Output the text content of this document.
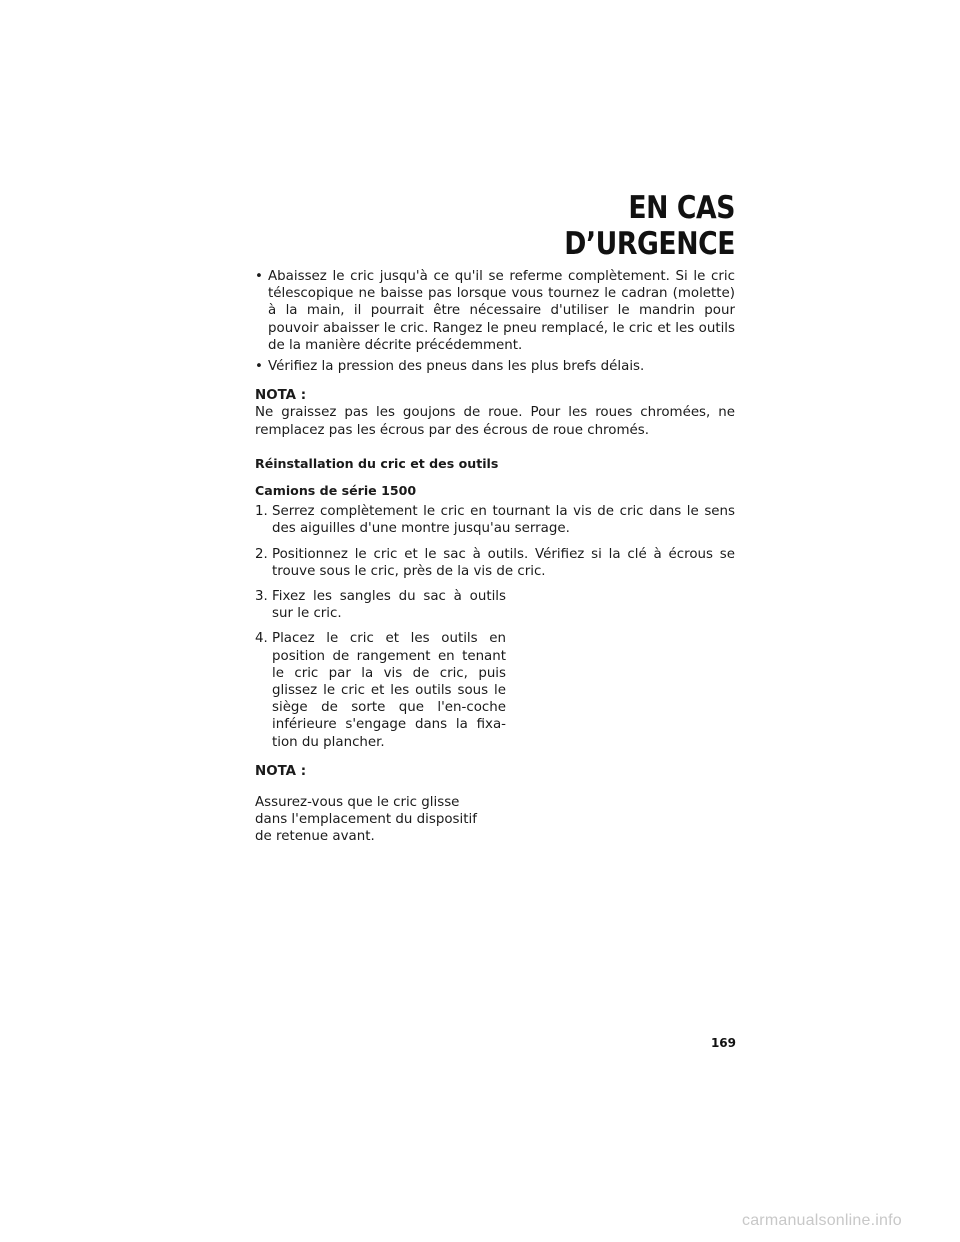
EN CAS D’URGENCE
• Abaissez le cric jusqu'à ce qu'il se referme complètement. Si le cric télescopique ne baisse pas lorsque vous tournez le cadran (molette) à la main, il pourrait être nécessaire d'utiliser le mandrin pour pouvoir abaisser le cric. Rangez le pneu remplacé, le cric et les outils de la manière décrite précédemment.
• Vérifiez la pression des pneus dans les plus brefs délais.
NOTA :

Ne graissez pas les goujons de roue. Pour les roues chromées, ne remplacez pas les écrous par des écrous de roue chromés.

Réinstallation du cric et des outils
Camions de série 1500
1. Serrez complètement le cric en tournant la vis de cric dans le sens des aiguilles d'une montre jusqu'au serrage.
2. Positionnez le cric et le sac à outils. Vérifiez si la clé à écrous se trouve sous le cric, près de la vis de cric.
3. Fixez les sangles du sac à outils sur le cric.
4. Placez le cric et les outils en position de rangement en tenant le cric par la vis de cric, puis glissez le cric et les outils sous le siège de sorte que l'en-coche inférieure s'engage dans la fixa-tion du plancher.
NOTA :

Assurez-vous que le cric glisse dans l'emplacement du dispositif de retenue avant.

169
carmanualsonline.info
